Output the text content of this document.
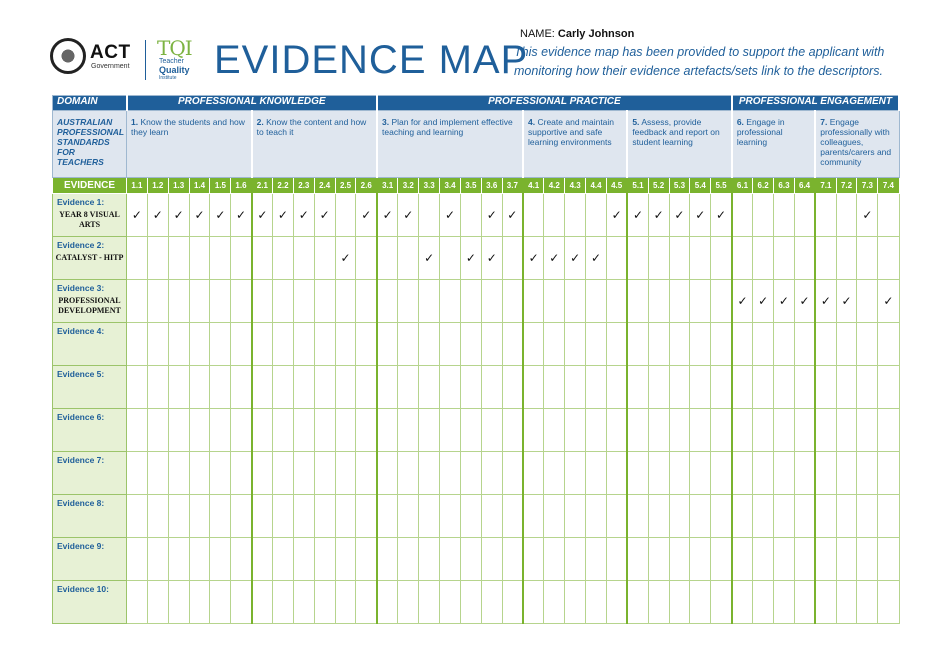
ACT
Government
TQI
Teacher
Quality
Institute EVIDENCE MAP
NAME: Carly Johnson
This evidence map has been provided to support the applicant with monitoring how their evidence artefacts/sets link to the descriptors.
DOMAIN	PROFESSIONAL KNOWLEDGE												PROFESSIONAL PRACTICE																	PROFESSIONAL ENGAGEMENT							
AUSTRALIAN PROFESSIONAL STANDARDS FOR TEACHERS	1. Know the students and how they learn						2. Know the content and how to teach it						3. Plan for and implement effective teaching and learning							4. Create and maintain supportive and safe learning environments					5. Assess, provide feedback and report on student learning					6. Engage in professional learning				7. Engage professionally with colleagues, parents/carers and community			
EVIDENCE	1.1	1.2	1.3	1.4	1.5	1.6	2.1	2.2	2.3	2.4	2.5	2.6	3.1	3.2	3.3	3.4	3.5	3.6	3.7	4.1	4.2	4.3	4.4	4.5	5.1	5.2	5.3	5.4	5.5	6.1	6.2	6.3	6.4	7.1	7.2	7.3	7.4

Evidence 1:
YEAR 8 VISUAL ARTS	✓	✓	✓	✓	✓	✓	✓	✓	✓	✓		✓	✓	✓		✓		✓	✓					✓	✓	✓	✓	✓	✓							✓	

Evidence 2:
CATALYST - HITP											✓				✓		✓	✓		✓	✓	✓	✓														

Evidence 3:
PROFESSIONAL DEVELOPMENT																														✓	✓	✓	✓	✓	✓		✓

Evidence 4:																																					

Evidence 5:																																					

Evidence 6:																																					

Evidence 7:																																					

Evidence 8:																																					

Evidence 9:																																					

Evidence 10:																																					
